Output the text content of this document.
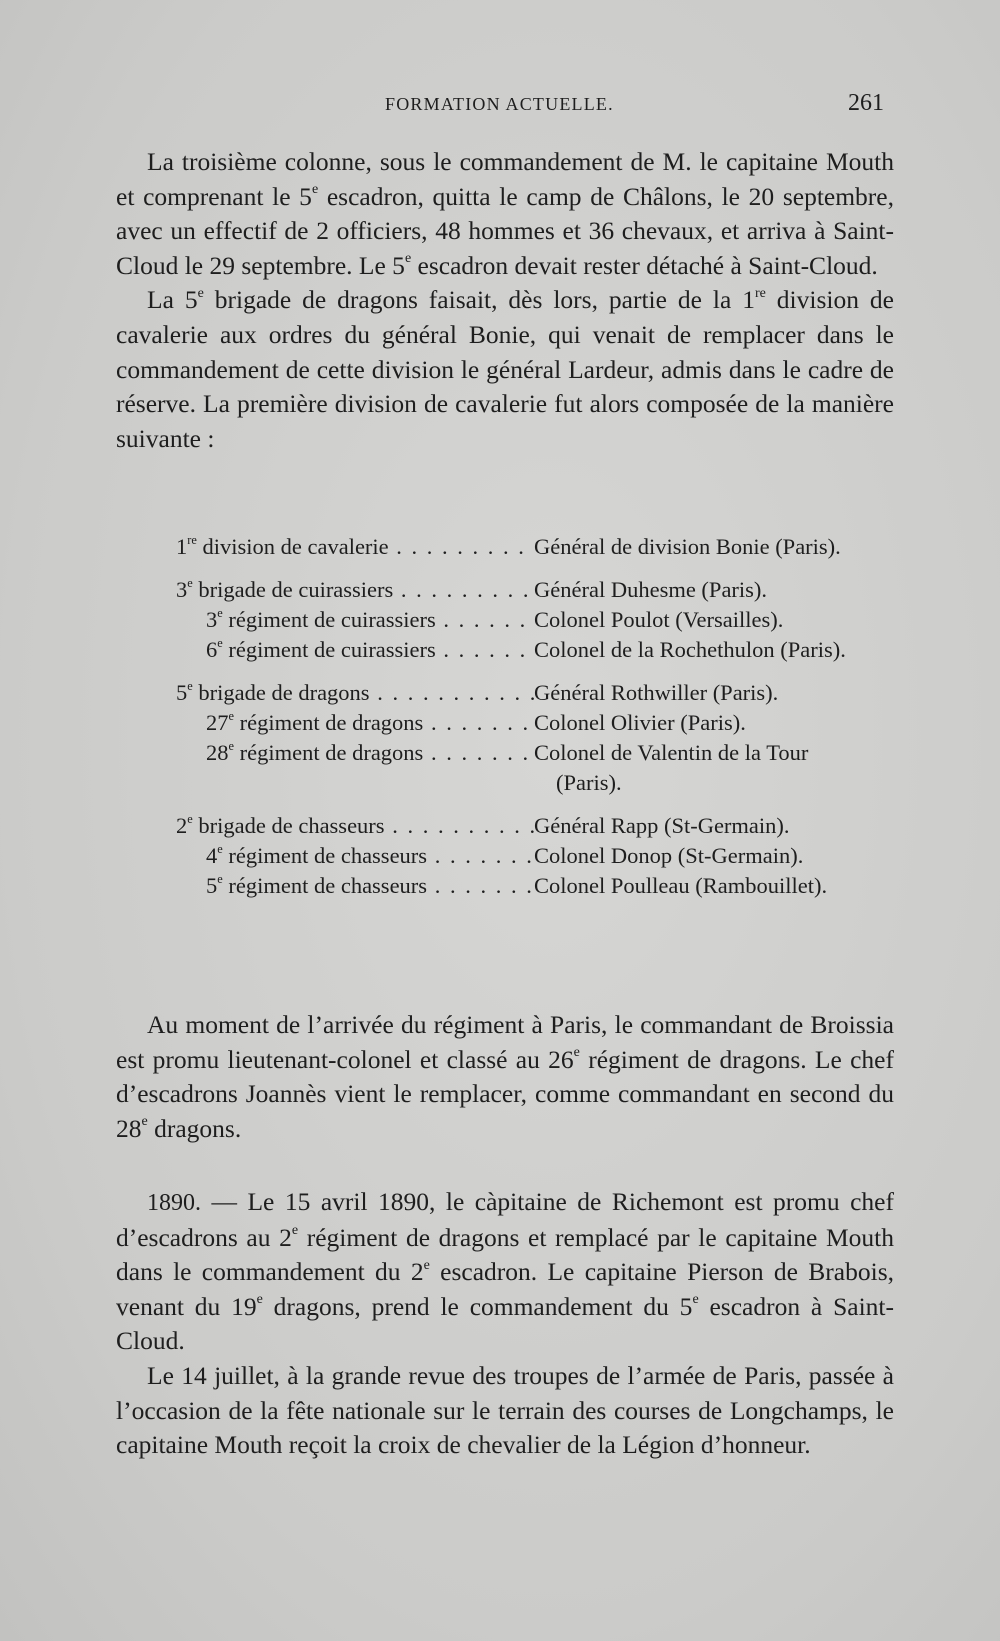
FORMATION ACTUELLE.	261

La troisième colonne, sous le commandement de M. le capitaine Mouth et comprenant le 5e escadron, quitta le camp de Châlons, le 20 septembre, avec un effectif de 2 officiers, 48 hommes et 36 chevaux, et arriva à Saint-Cloud le 29 septembre. Le 5e escadron devait rester détaché à Saint-Cloud.

La 5e brigade de dragons faisait, dès lors, partie de la 1re division de cavalerie aux ordres du général Bonie, qui venait de remplacer dans le commandement de cette division le général Lardeur, admis dans le cadre de réserve. La première division de cavalerie fut alors composée de la manière suivante :

1re division de cavalerie . . .	Général de division Bonie (Paris).
3e brigade de cuirassiers . . .	Général Duhesme (Paris).
3e régiment de cuirassiers . . .	Colonel Poulot (Versailles).
6e régiment de cuirassiers . . .	Colonel de la Rochethulon (Paris).
5e brigade de dragons . . .	Général Rothwiller (Paris).
27e régiment de dragons . . .	Colonel Olivier (Paris).
28e régiment de dragons . . .	Colonel de Valentin de la Tour (Paris).
2e brigade de chasseurs . . .	Général Rapp (St-Germain).
4e régiment de chasseurs . . .	Colonel Donop (St-Germain).
5e régiment de chasseurs . . .	Colonel Poulleau (Rambouillet).

Au moment de l’arrivée du régiment à Paris, le commandant de Broissia est promu lieutenant-colonel et classé au 26e régiment de dragons. Le chef d’escadrons Joannès vient le remplacer, comme commandant en second du 28e dragons.

1890. — Le 15 avril 1890, le càpitaine de Richemont est promu chef d’escadrons au 2e régiment de dragons et remplacé par le capitaine Mouth dans le commandement du 2e escadron. Le capitaine Pierson de Brabois, venant du 19e dragons, prend le commandement du 5e escadron à Saint-Cloud.

Le 14 juillet, à la grande revue des troupes de l’armée de Paris, passée à l’occasion de la fête nationale sur le terrain des courses de Longchamps, le capitaine Mouth reçoit la croix de chevalier de la Légion d’honneur.
